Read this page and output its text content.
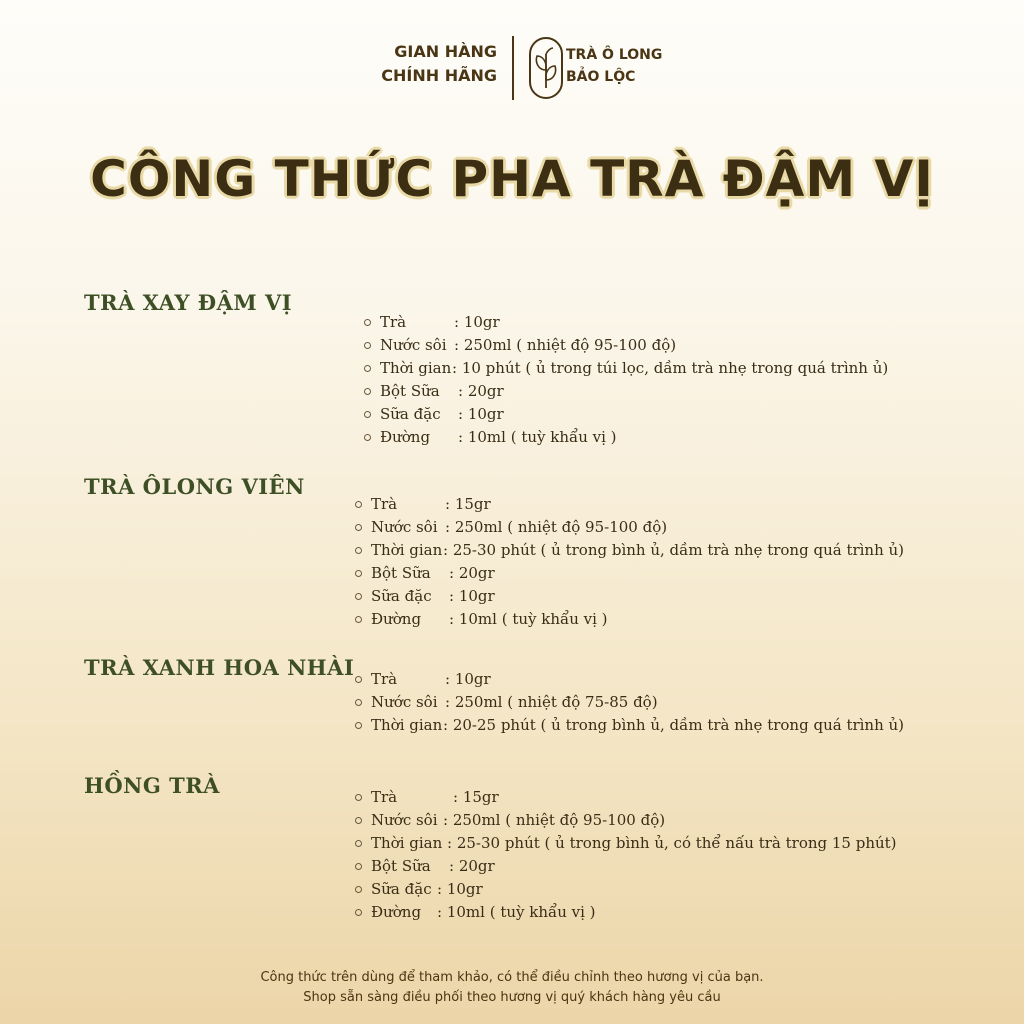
GIAN HÀNG
CHÍNH HÃNG
TRÀ Ô LONG
BẢO LỘC
CÔNG THỨC PHA TRÀ ĐẬM VỊ
TRÀ XAY ĐẬM VỊ
Trà	: 10gr
Nước sôi : 250ml ( nhiệt độ 95-100 độ)
Thời gian : 10 phút ( ủ trong túi lọc, dầm trà nhẹ trong quá trình ủ)
Bột Sữa : 20gr
Sữa đặc : 10gr
Đường : 10ml ( tuỳ khẩu vị )
TRÀ ÔLONG VIÊN
Trà	: 15gr
Nước sôi : 250ml ( nhiệt độ 95-100 độ)
Thời gian : 25-30 phút ( ủ trong bình ủ, dầm trà nhẹ trong quá trình ủ)
Bột Sữa : 20gr
Sữa đặc : 10gr
Đường : 10ml ( tuỳ khẩu vị )
TRÀ XANH HOA NHÀI Trà	: 10gr
Nước sôi : 250ml ( nhiệt độ 75-85 độ)
Thời gian : 20-25 phút ( ủ trong bình ủ, dầm trà nhẹ trong quá trình ủ)
HỒNG TRÀ	Trà	: 15gr
Nước sôi : 250ml ( nhiệt độ 95-100 độ)
Thời gian : 25-30 phút ( ủ trong bình ủ, có thể nấu trà trong 15 phút)
Bột Sữa : 20gr
Sữa đặc : 10gr
Đường : 10ml ( tuỳ khẩu vị )
Công thức trên dùng để tham khảo, có thể điều chỉnh theo hương vị của bạn.
Shop sẵn sàng điều phối theo hương vị quý khách hàng yêu cầu
